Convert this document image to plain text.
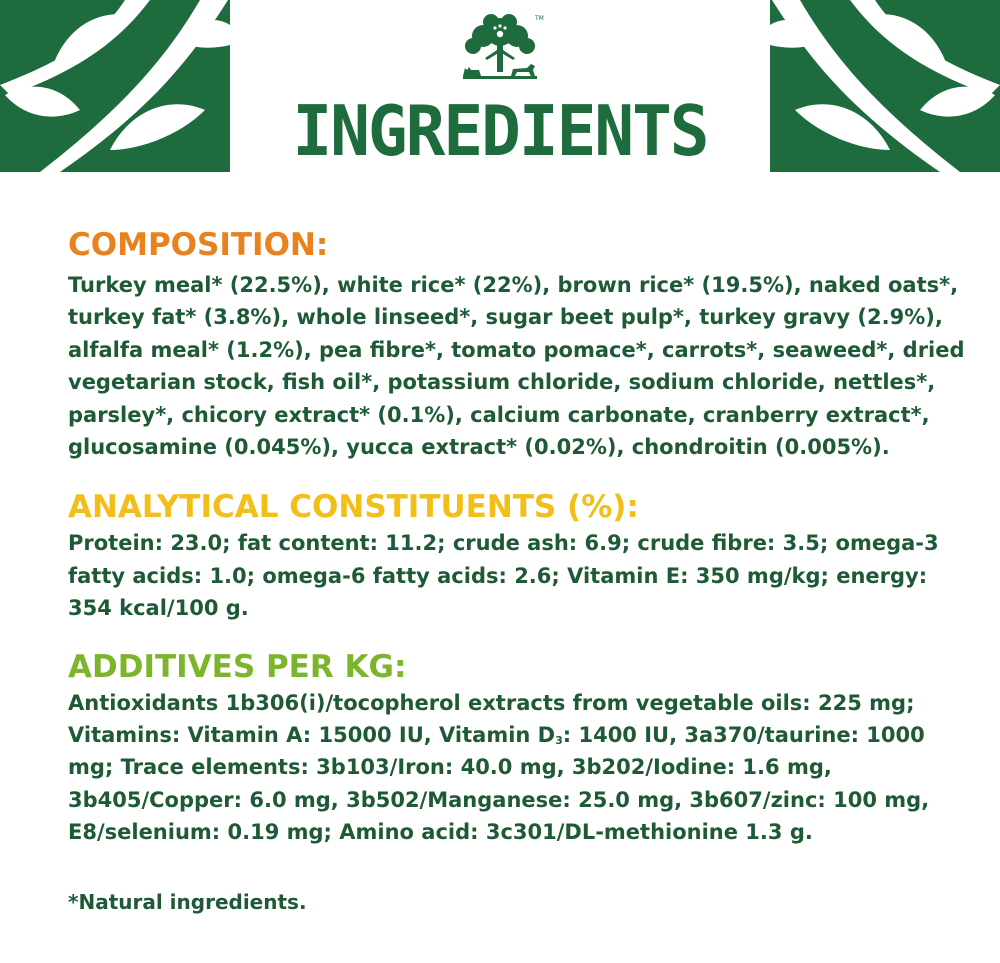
TM
INGREDIENTS
COMPOSITION:

Turkey meal* (22.5%), white rice* (22%), brown rice* (19.5%), naked oats*, turkey fat* (3.8%), whole linseed*, sugar beet pulp*, turkey gravy (2.9%), alfalfa meal* (1.2%), pea fibre*, tomato pomace*, carrots*, seaweed*, dried vegetarian stock, fish oil*, potassium chloride, sodium chloride, nettles*, parsley*, chicory extract* (0.1%), calcium carbonate, cranberry extract*, glucosamine (0.045%), yucca extract* (0.02%), chondroitin (0.005%).

ANALYTICAL CONSTITUENTS (%):

Protein: 23.0; fat content: 11.2; crude ash: 6.9; crude fibre: 3.5; omega-3 fatty acids: 1.0; omega-6 fatty acids: 2.6; Vitamin E: 350 mg/kg; energy: 354 kcal/100 g.

ADDITIVES PER KG:

Antioxidants 1b306(i)/tocopherol extracts from vegetable oils: 225 mg; Vitamins: Vitamin A: 15000 IU, Vitamin $D_3$: 1400 IU, 3a370/taurine: 1000 mg; Trace elements: 3b103/Iron: 40.0 mg, 3b202/Iodine: 1.6 mg, 3b405/Copper: 6.0 mg, 3b502/Manganese: 25.0 mg, 3b607/zinc: 100 mg, E8/selenium: 0.19 mg; Amino acid: 3c301/DL-methionine 1.3 g.

*Natural ingredients.
